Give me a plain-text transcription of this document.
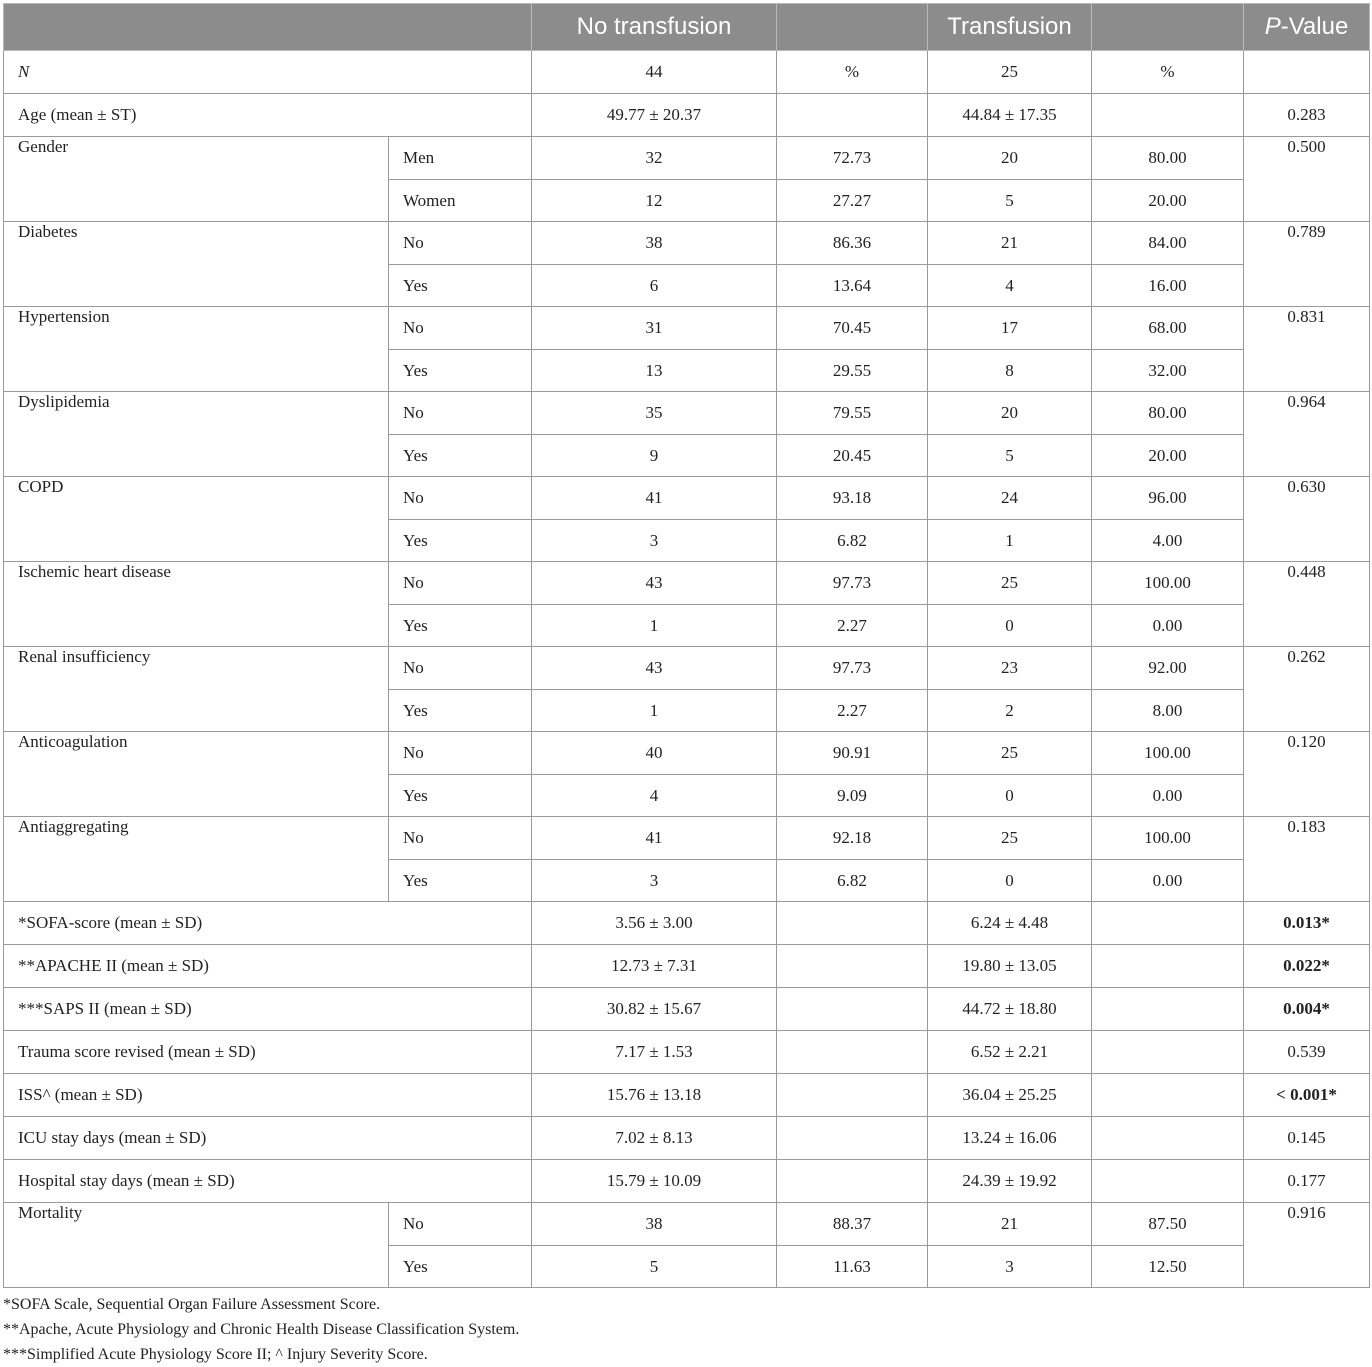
		No transfusion		Transfusion		P-Value
N		44	%	25	%	
Age (mean ± ST)		49.77 ± 20.37		44.84 ± 17.35		0.283
Gender	Men	32	72.73	20	80.00	0.500
	Women	12	27.27	5	20.00	
Diabetes	No	38	86.36	21	84.00	0.789
	Yes	6	13.64	4	16.00	
Hypertension	No	31	70.45	17	68.00	0.831
	Yes	13	29.55	8	32.00	
Dyslipidemia	No	35	79.55	20	80.00	0.964
	Yes	9	20.45	5	20.00	
COPD	No	41	93.18	24	96.00	0.630
	Yes	3	6.82	1	4.00	
Ischemic heart disease	No	43	97.73	25	100.00	0.448
	Yes	1	2.27	0	0.00	
Renal insufficiency	No	43	97.73	23	92.00	0.262
	Yes	1	2.27	2	8.00	
Anticoagulation	No	40	90.91	25	100.00	0.120
	Yes	4	9.09	0	0.00	
Antiaggregating	No	41	92.18	25	100.00	0.183
	Yes	3	6.82	0	0.00	
*SOFA-score (mean ± SD)		3.56 ± 3.00		6.24 ± 4.48		0.013*
**APACHE II (mean ± SD)		12.73 ± 7.31		19.80 ± 13.05		0.022*
***SAPS II (mean ± SD)		30.82 ± 15.67		44.72 ± 18.80		0.004*
Trauma score revised (mean ± SD)		7.17 ± 1.53		6.52 ± 2.21		0.539
ISS^ (mean ± SD)		15.76 ± 13.18		36.04 ± 25.25		< 0.001*
ICU stay days (mean ± SD)		7.02 ± 8.13		13.24 ± 16.06		0.145
Hospital stay days (mean ± SD)		15.79 ± 10.09		24.39 ± 19.92		0.177
Mortality	No	38	88.37	21	87.50	0.916
	Yes	5	11.63	3	12.50	
*SOFA Scale, Sequential Organ Failure Assessment Score.
**Apache, Acute Physiology and Chronic Health Disease Classification System.
***Simplified Acute Physiology Score II; ^ Injury Severity Score.
